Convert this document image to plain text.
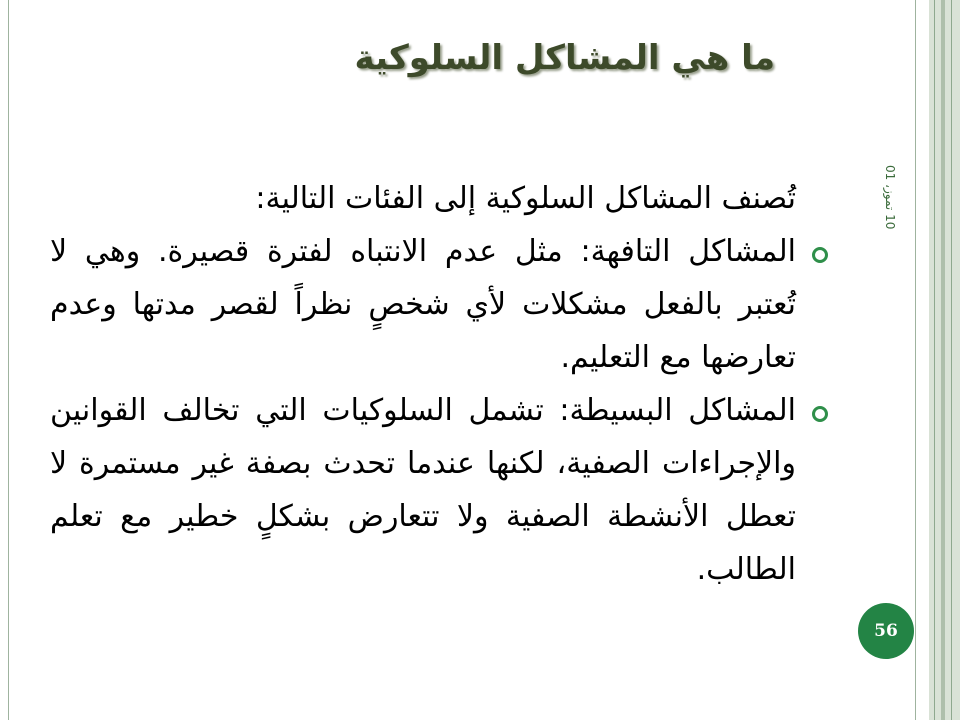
ما هي المشاكل السلوكية
10 تموز، 01
تُصنف المشاكل السلوكية إلى الفئات التالية:
المشاكل التافهة: مثل عدم الانتباه لفترة قصيرة. وهي لا تُعتبر بالفعل مشكلات لأي شخصٍ نظراً لقصر مدتها وعدم تعارضها مع التعليم.
المشاكل البسيطة: تشمل السلوكيات التي تخالف القوانين والإجراءات الصفية، لكنها عندما تحدث بصفة غير مستمرة لا تعطل الأنشطة الصفية ولا تتعارض بشكلٍ خطير مع تعلم الطالب.
56
